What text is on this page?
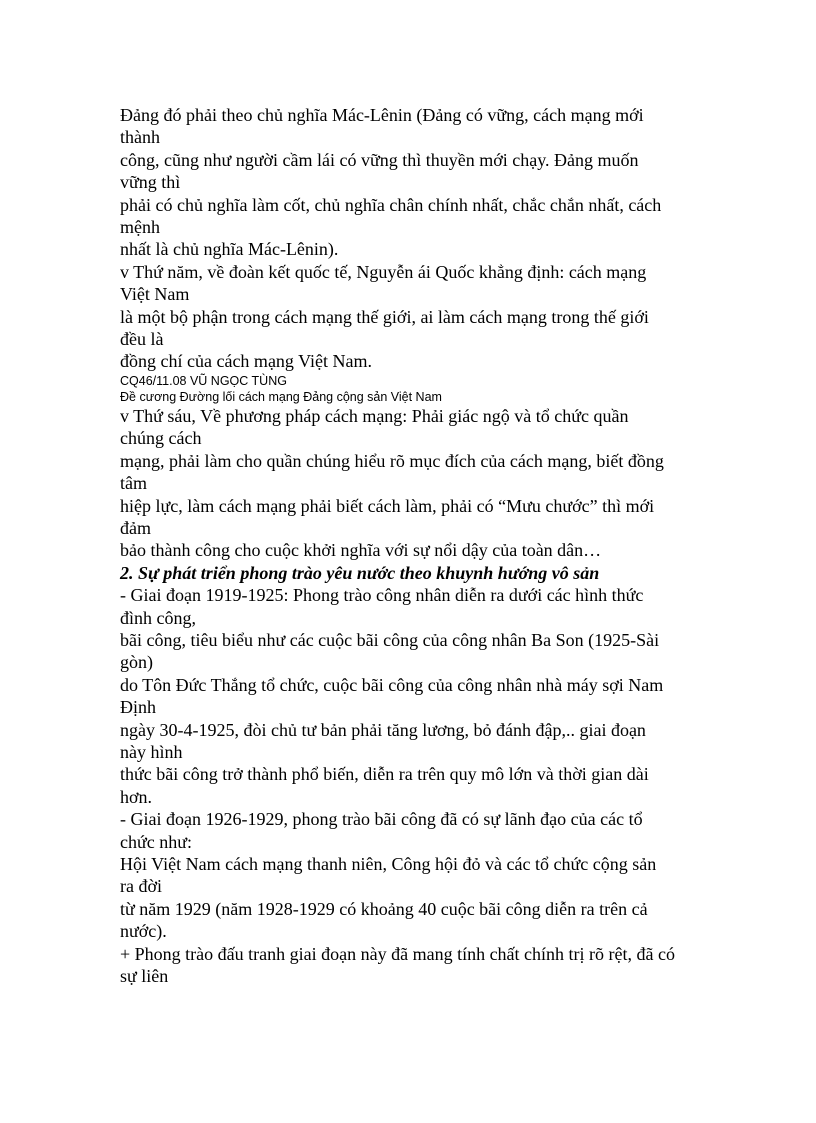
Đảng đó phải theo chủ nghĩa Mác-Lênin (Đảng có vững, cách mạng mới

thành

công, cũng như người cầm lái có vững thì thuyền mới chạy. Đảng muốn

vững thì

phải có chủ nghĩa làm cốt, chủ nghĩa chân chính nhất, chắc chắn nhất, cách

mệnh

nhất là chủ nghĩa Mác-Lênin).

v Thứ năm, về đoàn kết quốc tế, Nguyễn ái Quốc khẳng định: cách mạng

Việt Nam

là một bộ phận trong cách mạng thế giới, ai làm cách mạng trong thế giới

đều là

đồng chí của cách mạng Việt Nam.

CQ46/11.08 VŨ NGỌC TÙNG

Đề cương Đường lối cách mạng Đảng cộng sản Việt Nam

v Thứ sáu, Về phương pháp cách mạng: Phải giác ngộ và tổ chức quần

chúng cách

mạng, phải làm cho quần chúng hiểu rõ mục đích của cách mạng, biết đồng

tâm

hiệp lực, làm cách mạng phải biết cách làm, phải có “Mưu chước” thì mới

đảm

bảo thành công cho cuộc khởi nghĩa với sự nổi dậy của toàn dân…

2. Sự phát triển phong trào yêu nước theo khuynh hướng vô sản

- Giai đoạn 1919-1925: Phong trào công nhân diễn ra dưới các hình thức

đình công,

bãi công, tiêu biểu như các cuộc bãi công của công nhân Ba Son (1925-Sài

gòn)

do Tôn Đức Thắng tổ chức, cuộc bãi công của công nhân nhà máy sợi Nam

Định

ngày 30-4-1925, đòi chủ tư bản phải tăng lương, bỏ đánh đập,.. giai đoạn

này hình

thức bãi công trở thành phổ biến, diễn ra trên quy mô lớn và thời gian dài

hơn.

- Giai đoạn 1926-1929, phong trào bãi công đã có sự lãnh đạo của các tổ

chức như:

Hội Việt Nam cách mạng thanh niên, Công hội đỏ và các tổ chức cộng sản

ra đời

từ năm 1929 (năm 1928-1929 có khoảng 40 cuộc bãi công diễn ra trên cả

nước).

+ Phong trào đấu tranh giai đoạn này đã mang tính chất chính trị rõ rệt, đã có

sự liên
